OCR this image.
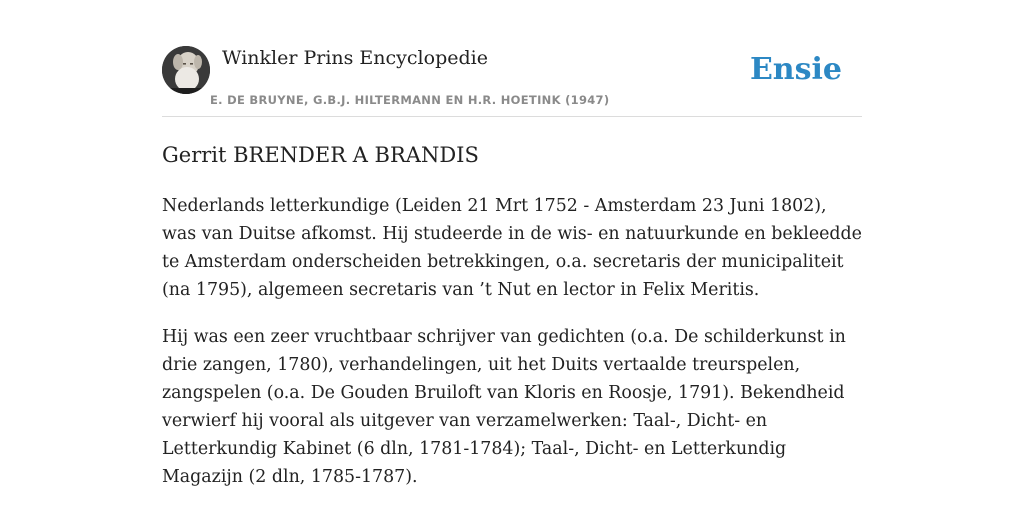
Winkler Prins Encyclopedie
E. DE BRUYNE, G.B.J. HILTERMANN EN H.R. HOETINK (1947)
Ensie
Gerrit BRENDER A BRANDIS

Nederlands letterkundige (Leiden 21 Mrt 1752 - Amsterdam 23 Juni 1802), was van Duitse afkomst. Hij studeerde in de wis- en natuurkunde en bekleedde te Amsterdam onderscheiden betrekkingen, o.a. secretaris der municipaliteit (na 1795), algemeen secretaris van ’t Nut en lector in Felix Meritis.

Hij was een zeer vruchtbaar schrijver van gedichten (o.a. De schilderkunst in drie zangen, 1780), verhandelingen, uit het Duits vertaalde treurspelen, zangspelen (o.a. De Gouden Bruiloft van Kloris en Roosje, 1791). Bekendheid verwierf hij vooral als uitgever van verzamelwerken: Taal-, Dicht- en Letterkundig Kabinet (6 dln, 1781-1784); Taal-, Dicht- en Letterkundig Magazijn (2 dln, 1785-1787).
